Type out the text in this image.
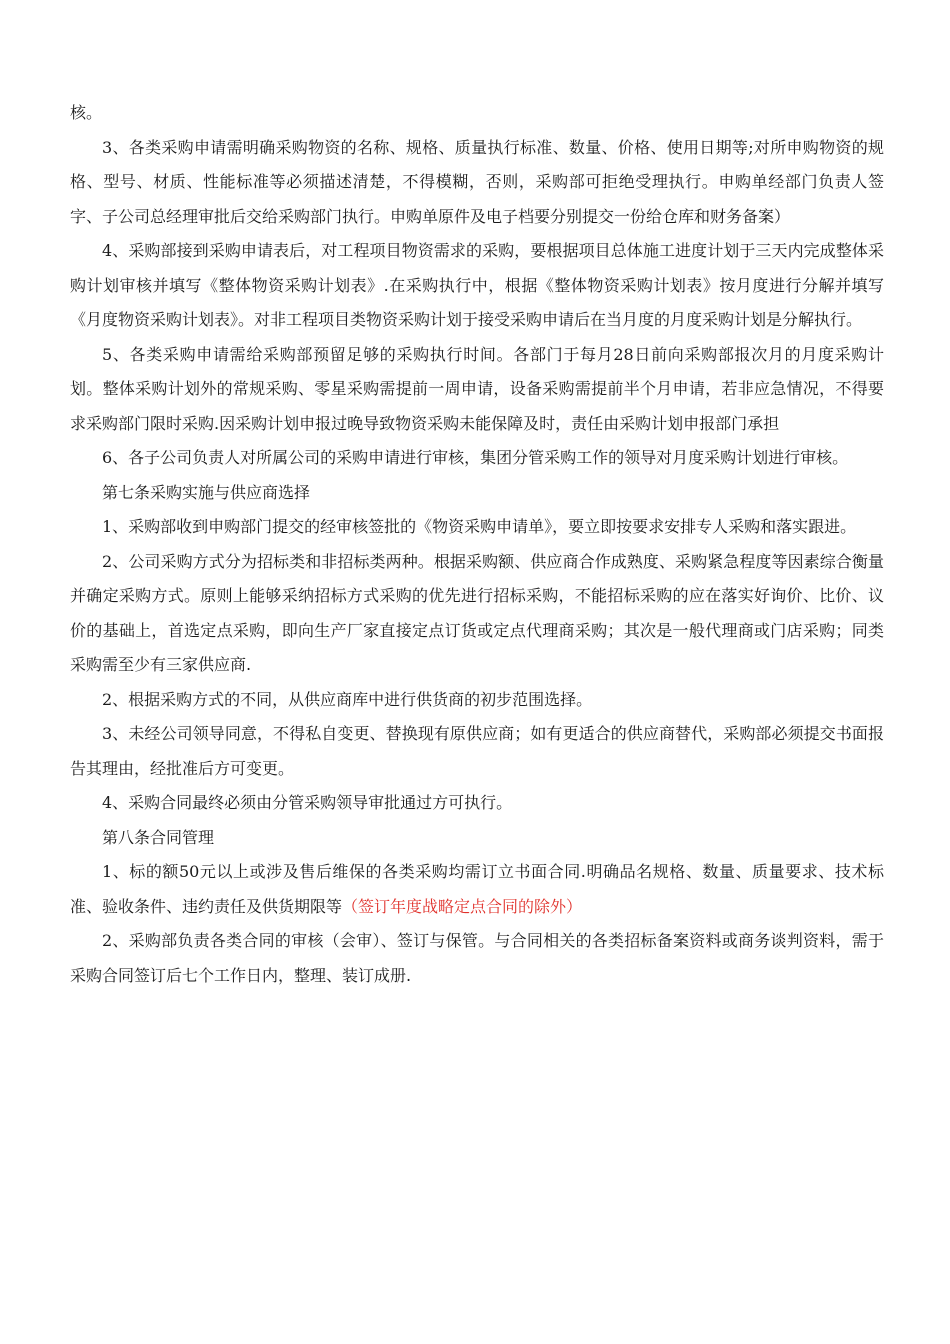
核。

3、各类采购申请需明确采购物资的名称、规格、质量执行标准、数量、价格、使用日期等;对所申购物资的规格、型号、材质、性能标准等必须描述清楚，不得模糊，否则，采购部可拒绝受理执行。申购单经部门负责人签字、子公司总经理审批后交给采购部门执行。申购单原件及电子档要分别提交一份给仓库和财务备案）

4、采购部接到采购申请表后，对工程项目物资需求的采购，要根据项目总体施工进度计划于三天内完成整体采购计划审核并填写《整体物资采购计划表》.在采购执行中，根据《整体物资采购计划表》按月度进行分解并填写《月度物资采购计划表》。对非工程项目类物资采购计划于接受采购申请后在当月度的月度采购计划是分解执行。

5、各类采购申请需给采购部预留足够的采购执行时间。各部门于每月28日前向采购部报次月的月度采购计划。整体采购计划外的常规采购、零星采购需提前一周申请，设备采购需提前半个月申请，若非应急情况，不得要求采购部门限时采购.因采购计划申报过晚导致物资采购未能保障及时，责任由采购计划申报部门承担

6、各子公司负责人对所属公司的采购申请进行审核，集团分管采购工作的领导对月度采购计划进行审核。

第七条采购实施与供应商选择

1、采购部收到申购部门提交的经审核签批的《物资采购申请单》，要立即按要求安排专人采购和落实跟进。

2、公司采购方式分为招标类和非招标类两种。根据采购额、供应商合作成熟度、采购紧急程度等因素综合衡量并确定采购方式。原则上能够采纳招标方式采购的优先进行招标采购，不能招标采购的应在落实好询价、比价、议价的基础上，首选定点采购，即向生产厂家直接定点订货或定点代理商采购；其次是一般代理商或门店采购；同类采购需至少有三家供应商.

2、根据采购方式的不同，从供应商库中进行供货商的初步范围选择。

3、未经公司领导同意，不得私自变更、替换现有原供应商；如有更适合的供应商替代，采购部必须提交书面报告其理由，经批准后方可变更。

4、采购合同最终必须由分管采购领导审批通过方可执行。

第八条合同管理

1、标的额50元以上或涉及售后维保的各类采购均需订立书面合同.明确品名规格、数量、质量要求、技术标准、验收条件、违约责任及供货期限等（签订年度战略定点合同的除外）

2、采购部负责各类合同的审核（会审）、签订与保管。与合同相关的各类招标备案资料或商务谈判资料，需于采购合同签订后七个工作日内，整理、装订成册.
